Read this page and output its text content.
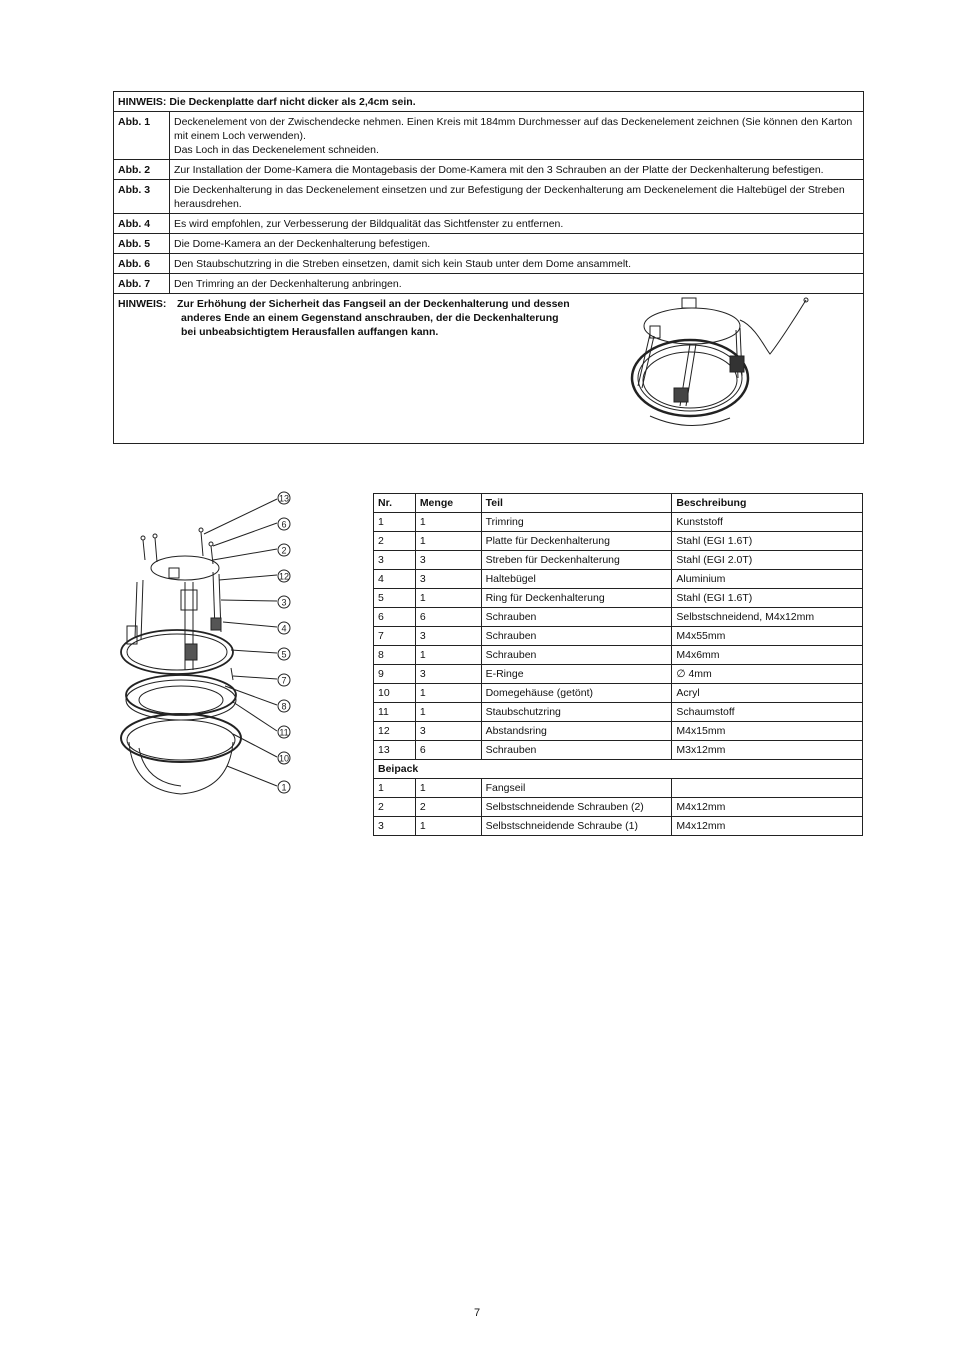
HINWEIS: Die Deckenplatte darf nicht dicker als 2,4cm sein.	
Abb. 1	Deckenelement von der Zwischendecke nehmen. Einen Kreis mit 184mm Durchmesser auf das Deckenelement zeichnen (Sie können den Karton
mit einem Loch verwenden).
Das Loch in das Deckenelement schneiden.

Abb. 2	Zur Installation der Dome-Kamera die Montagebasis der Dome-Kamera mit den 3 Schrauben an der Platte der Deckenhalterung befestigen.

Abb. 3	Die Deckenhalterung in das Deckenelement einsetzen und zur Befestigung der Deckenhalterung am Deckenelement die Haltebügel der Streben
herausdrehen.

Abb. 4	Es wird empfohlen, zur Verbesserung der Bildqualität das Sichtfenster zu entfernen.

Abb. 5	Die Dome-Kamera an der Deckenhalterung befestigen.

Abb. 6	Den Staubschutzring in die Streben einsetzen, damit sich kein Staub unter dem Dome ansammelt.

Abb. 7	Den Trimring an der Deckenhalterung anbringen.

HINWEIS: Zur Erhöhung der Sicherheit das Fangseil an der Deckenhalterung und dessen
anderes Ende an einem Gegenstand anschrauben, der die Deckenhalterung
bei unbeabsichtigtem Herausfallen auffangen kann.	
13
6
2
12
3
4
5
7
8
11
10
1
Nr.	Menge	Teil	Beschreibung
1	1	Trimring	Kunststoff
2	1	Platte für Deckenhalterung	Stahl (EGI 1.6T)
3	3	Streben für Deckenhalterung	Stahl (EGI 2.0T)
4	3	Haltebügel	Aluminium
5	1	Ring für Deckenhalterung	Stahl (EGI 1.6T)
6	6	Schrauben	Selbstschneidend, M4x12mm
7	3	Schrauben	M4x55mm
8	1	Schrauben	M4x6mm
9	3	E-Ringe	∅ 4mm
10	1	Domegehäuse (getönt)	Acryl
11	1	Staubschutzring	Schaumstoff
12	3	Abstandsring	M4x15mm
13	6	Schrauben	M3x12mm
Beipack			
1	1	Fangseil	
2	2	Selbstschneidende Schrauben (2)	M4x12mm
3	1	Selbstschneidende Schraube (1)	M4x12mm
7
